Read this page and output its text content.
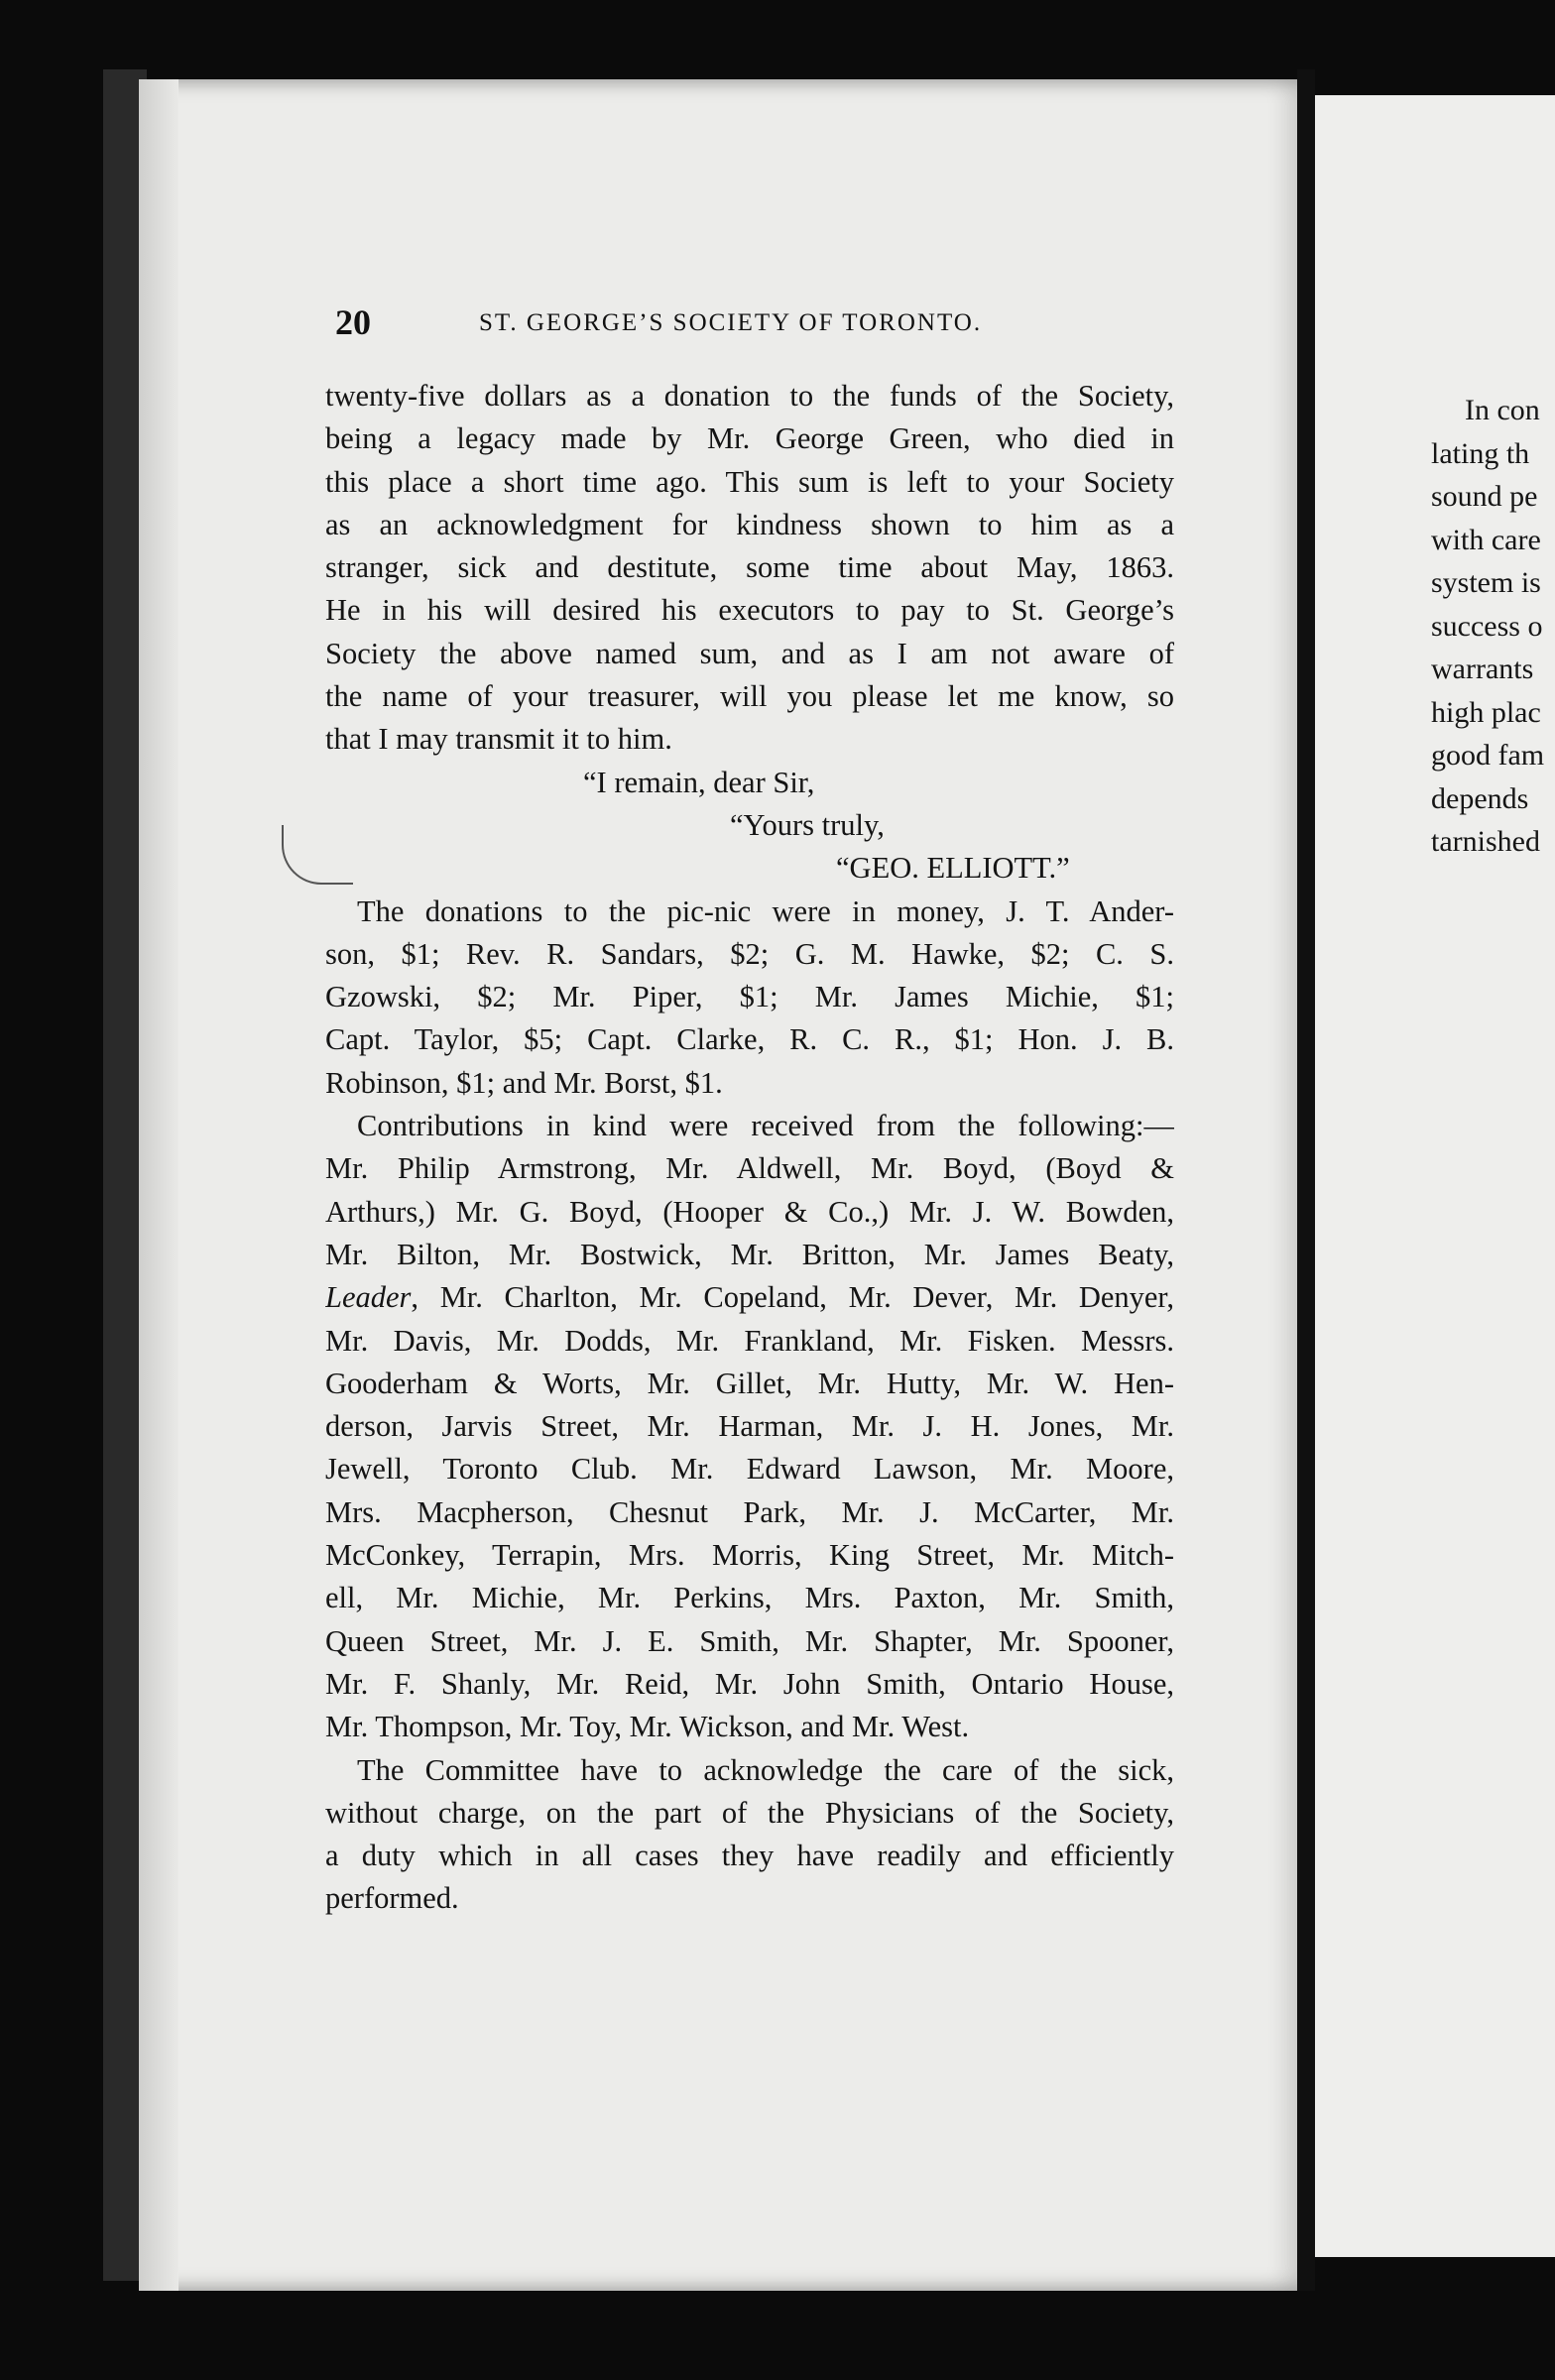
20	ST. GEORGE’S SOCIETY OF TORONTO.
twenty-five dollars as a donation to the funds of the Society,
being a legacy made by Mr. George Green, who died in
this place a short time ago. This sum is left to your Society
as an acknowledgment for kindness shown to him as a
stranger, sick and destitute, some time about May, 1863.
He in his will desired his executors to pay to St. George’s
Society the above named sum, and as I am not aware of
the name of your treasurer, will you please let me know, so
that I may transmit it to him.
“I remain, dear Sir,
“Yours truly,
“GEO. ELLIOTT.”
The donations to the pic-nic were in money, J. T. Ander-
son, $1; Rev. R. Sandars, $2; G. M. Hawke, $2; C. S.
Gzowski, $2; Mr. Piper, $1; Mr. James Michie, $1;
Capt. Taylor, $5; Capt. Clarke, R. C. R., $1; Hon. J. B.
Robinson, $1; and Mr. Borst, $1.
Contributions in kind were received from the following:—
Mr. Philip Armstrong, Mr. Aldwell, Mr. Boyd, (Boyd &
Arthurs,) Mr. G. Boyd, (Hooper & Co.,) Mr. J. W. Bowden,
Mr. Bilton, Mr. Bostwick, Mr. Britton, Mr. James Beaty,
Leader, Mr. Charlton, Mr. Copeland, Mr. Dever, Mr. Denyer,
Mr. Davis, Mr. Dodds, Mr. Frankland, Mr. Fisken. Messrs.
Gooderham & Worts, Mr. Gillet, Mr. Hutty, Mr. W. Hen-
derson, Jarvis Street, Mr. Harman, Mr. J. H. Jones, Mr.
Jewell, Toronto Club. Mr. Edward Lawson, Mr. Moore,
Mrs. Macpherson, Chesnut Park, Mr. J. McCarter, Mr.
McConkey, Terrapin, Mrs. Morris, King Street, Mr. Mitch-
ell, Mr. Michie, Mr. Perkins, Mrs. Paxton, Mr. Smith,
Queen Street, Mr. J. E. Smith, Mr. Shapter, Mr. Spooner,
Mr. F. Shanly, Mr. Reid, Mr. John Smith, Ontario House,
Mr. Thompson, Mr. Toy, Mr. Wickson, and Mr. West.
The Committee have to acknowledge the care of the sick,
without charge, on the part of the Physicians of the Society,
a duty which in all cases they have readily and efficiently
performed.
In con
lating th
sound pe
with care
system is
success o
warrants
high plac
good fam
depends
tarnished
